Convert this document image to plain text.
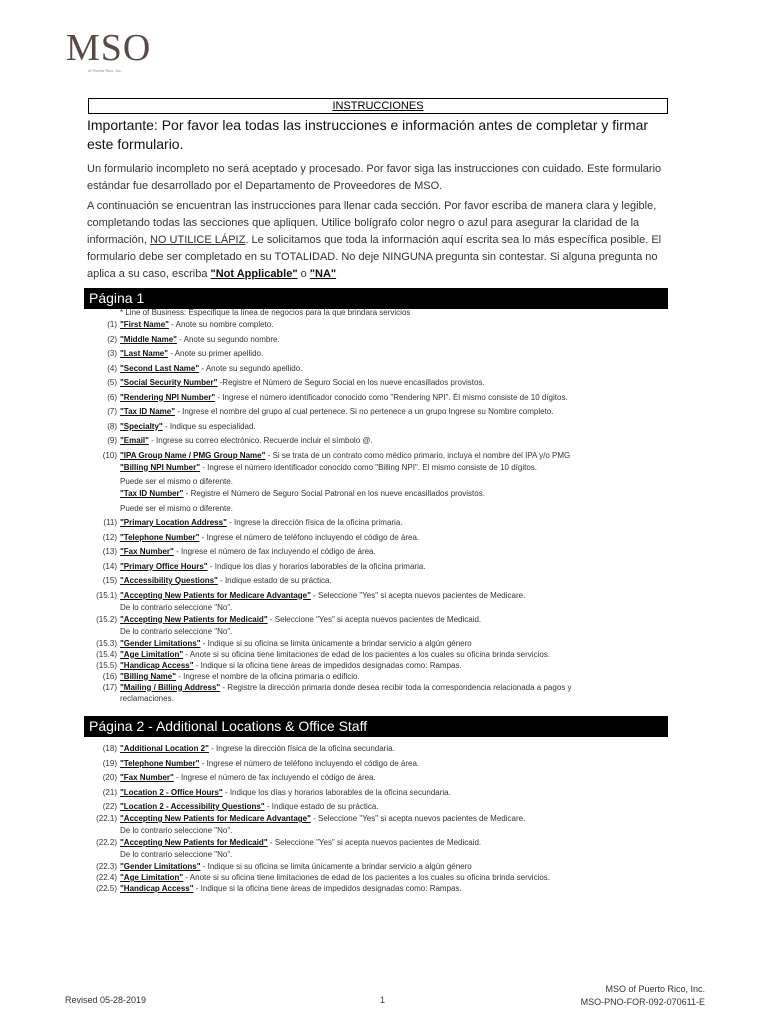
MSO
of Puerto Rico, Inc.
INSTRUCCIONES
Importante: Por favor lea todas las instrucciones e información antes de completar y firmar este formulario.
Un formulario incompleto no será aceptado y procesado. Por favor siga las instrucciones con cuidado. Este formulario estándar fue desarrollado por el Departamento de Proveedores de MSO.
A continuación se encuentran las instrucciones para llenar cada sección. Por favor escriba de manera clara y legible, completando todas las secciones que apliquen. Utilice bolígrafo color negro o azul para asegurar la claridad de la información, NO UTILICE LÁPIZ. Le solicitamos que toda la información aquí escrita sea lo más específica posible. El formulario debe ser completado en su TOTALIDAD. No deje NINGUNA pregunta sin contestar. Si alguna pregunta no aplica a su caso, escriba "Not Applicable" o "NA"
Página 1
* Line of Business: Especifique la línea de negocios para la que brindara servicios
(1) "First Name" - Anote su nombre completo.
(2) "Middle Name" - Anote su segundo nombre.
(3) "Last Name" - Anote su primer apellido.
(4) "Second Last Name" - Anote su segundo apellido.
(5) "Social Security Number" -Registre el Número de Seguro Social en los nueve encasillados provistos.
(6) "Rendering NPI Number" - Ingrese el número identificador conocido como "Rendering NPI". Él mismo consiste de 10 dígitos.
(7) "Tax ID Name" - Ingrese el nombre del grupo al cual pertenece. Si no pertenece a un grupo Ingrese su Nombre completo.
(8) "Specialty" - Indique su especialidad.
(9) "Email" - Ingrese su correo electrónico. Recuerde incluir el símbolo @.
(10) "IPA Group Name / PMG Group Name" - Si se trata de un contrato como médico primario, incluya el nombre del IPA y/o PMG
"Billing NPI Number" - Ingrese el número identificador conocido como "Billing NPI". El mismo consiste de 10 dígitos.
Puede ser el mismo o diferente.
"Tax ID Number" - Registre el Número de Seguro Social Patronal en los nueve encasillados provistos.
Puede ser el mismo o diferente.
(11) "Primary Location Address" - Ingrese la dirección física de la oficina primaria.
(12) "Telephone Number" - Ingrese el número de teléfono incluyendo el código de área.
(13) "Fax Number" - Ingrese el número de fax incluyendo el código de área.
(14) "Primary Office Hours" - Indique los días y horarios laborables de la oficina primaria.
(15) "Accessibility Questions" - Indique estado de su práctica.
(15.1) "Accepting New Patients for Medicare Advantage" - Seleccione "Yes" si acepta nuevos pacientes de Medicare.
De lo contrario seleccione "No".
(15.2) "Accepting New Patients for Medicaid" - Seleccione "Yes" si acepta nuevos pacientes de Medicaid.
De lo contrario seleccione "No".
(15.3) "Gender Limitations" - Indique si su oficina se limita únicamente a brindar servicio a algún género
(15.4) "Age Limitation" - Anote si su oficina tiene limitaciones de edad de los pacientes a los cuales su oficina brinda servicios.
(15.5) "Handicap Access" - Indique si la oficina tiene áreas de impedidos designadas como: Rampas.
(16) "Billing Name" - Ingrese el nombre de la oficina primaria o edificio.
(17) "Mailing / Billing Address" - Registre la dirección primaria donde desea recibir toda la correspondencia relacionada a pagos y
reclamaciones.
Página 2 - Additional Locations & Office Staff
(18) "Additional Location 2" - Ingrese la dirección física de la oficina secundaria.
(19) "Telephone Number" - Ingrese el número de teléfono incluyendo el código de área.
(20) "Fax Number" - Ingrese el número de fax incluyendo el código de área.
(21) "Location 2 - Office Hours" - Indique los días y horarios laborables de la oficina secundaria.
(22) "Location 2 - Accessibility Questions" - Indique estado de su práctica.
(22.1) "Accepting New Patients for Medicare Advantage" - Seleccione "Yes" si acepta nuevos pacientes de Medicare.
De lo contrario seleccione "No".
(22.2) "Accepting New Patients for Medicaid" - Seleccione "Yes" si acepta nuevos pacientes de Medicaid.
De lo contrario seleccione "No".
(22.3) "Gender Limitations" - Indique si su oficina se limita únicamente a brindar servicio a algún género
(22.4) "Age Limitation" - Anote si su oficina tiene limitaciones de edad de los pacientes a los cuales su oficina brinda servicios.
(22.5) "Handicap Access" - Indique si la oficina tiene áreas de impedidos designadas como: Rampas.
Revised 05-28-2019	1
MSO of Puerto Rico, Inc.
MSO-PNO-FOR-092-070611-E
